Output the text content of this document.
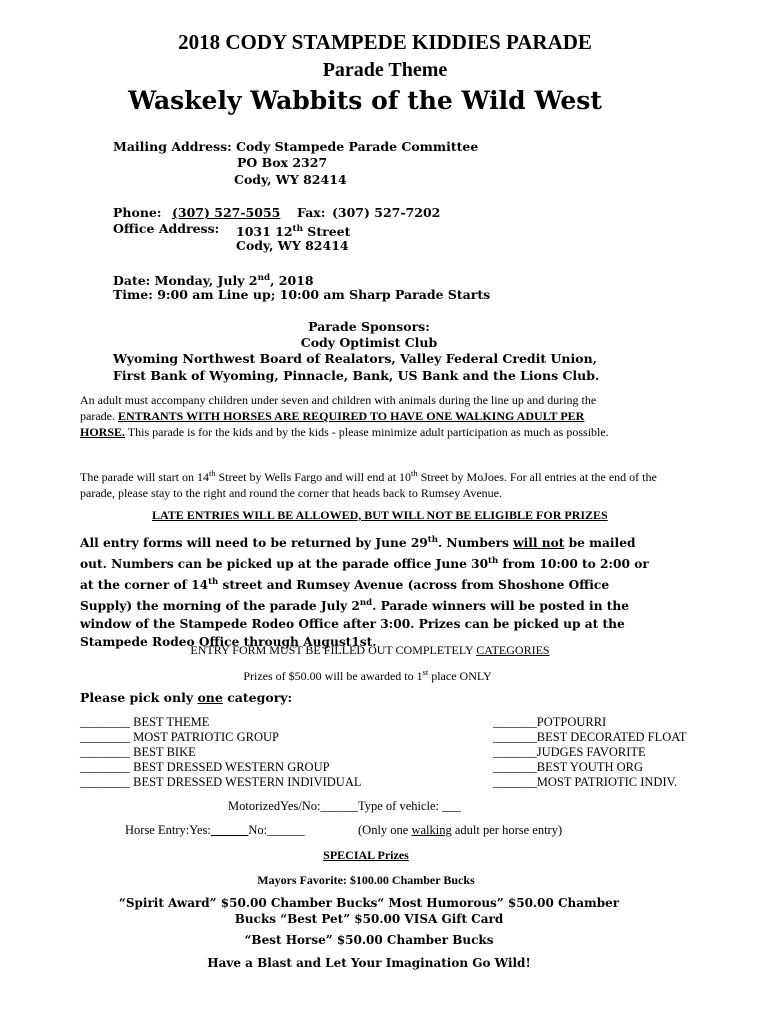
2018 CODY STAMPEDE KIDDIES PARADE
Parade Theme
Waskely Wabbits of the Wild West
Mailing Address: Cody Stampede Parade Committee
PO Box 2327
Cody, WY 82414
Phone: (307) 527-5055 Fax: (307) 527-7202
Office Address: 1031 12th Street
Cody, WY 82414
Date: Monday, July 2nd, 2018
Time: 9:00 am Line up; 10:00 am Sharp Parade Starts
Parade Sponsors:
Cody Optimist Club
Wyoming Northwest Board of Realators, Valley Federal Credit Union,
First Bank of Wyoming, Pinnacle, Bank, US Bank and the Lions Club.
An adult must accompany children under seven and children with animals during the line up and during the parade. ENTRANTS WITH HORSES ARE REQUIRED TO HAVE ONE WALKING ADULT PER HORSE. This parade is for the kids and by the kids - please minimize adult participation as much as possible.
The parade will start on 14th Street by Wells Fargo and will end at 10th Street by MoJoes. For all entries at the end of the parade, please stay to the right and round the corner that heads back to Rumsey Avenue.
LATE ENTRIES WILL BE ALLOWED, BUT WILL NOT BE ELIGIBLE FOR PRIZES
All entry forms will need to be returned by June 29th. Numbers will not be mailed out. Numbers can be picked up at the parade office June 30th from 10:00 to 2:00 or at the corner of 14th street and Rumsey Avenue (across from Shoshone Office Supply) the morning of the parade July 2nd. Parade winners will be posted in the window of the Stampede Rodeo Office after 3:00. Prizes can be picked up at the Stampede Rodeo Office through August1st.
ENTRY FORM MUST BE FILLED OUT COMPLETELY CATEGORIES
Prizes of $50.00 will be awarded to 1st place ONLY
Please pick only one category:
________ BEST THEME
________ MOST PATRIOTIC GROUP
________ BEST BIKE
________ BEST DRESSED WESTERN GROUP
________ BEST DRESSED WESTERN INDIVIDUAL
_______POTPOURRI
_______BEST DECORATED FLOAT
_______JUDGES FAVORITE
_______BEST YOUTH ORG
_______MOST PATRIOTIC INDIV.
MotorizedYes/No:______Type of vehicle: ___
Horse Entry:Yes:______No:______	(Only one walking adult per horse entry)
SPECIAL Prizes
Mayors Favorite: $100.00 Chamber Bucks
“Spirit Award” $50.00 Chamber Bucks“ Most Humorous” $50.00 Chamber
Bucks “Best Pet” $50.00 VISA Gift Card
“Best Horse” $50.00 Chamber Bucks
Have a Blast and Let Your Imagination Go Wild!
